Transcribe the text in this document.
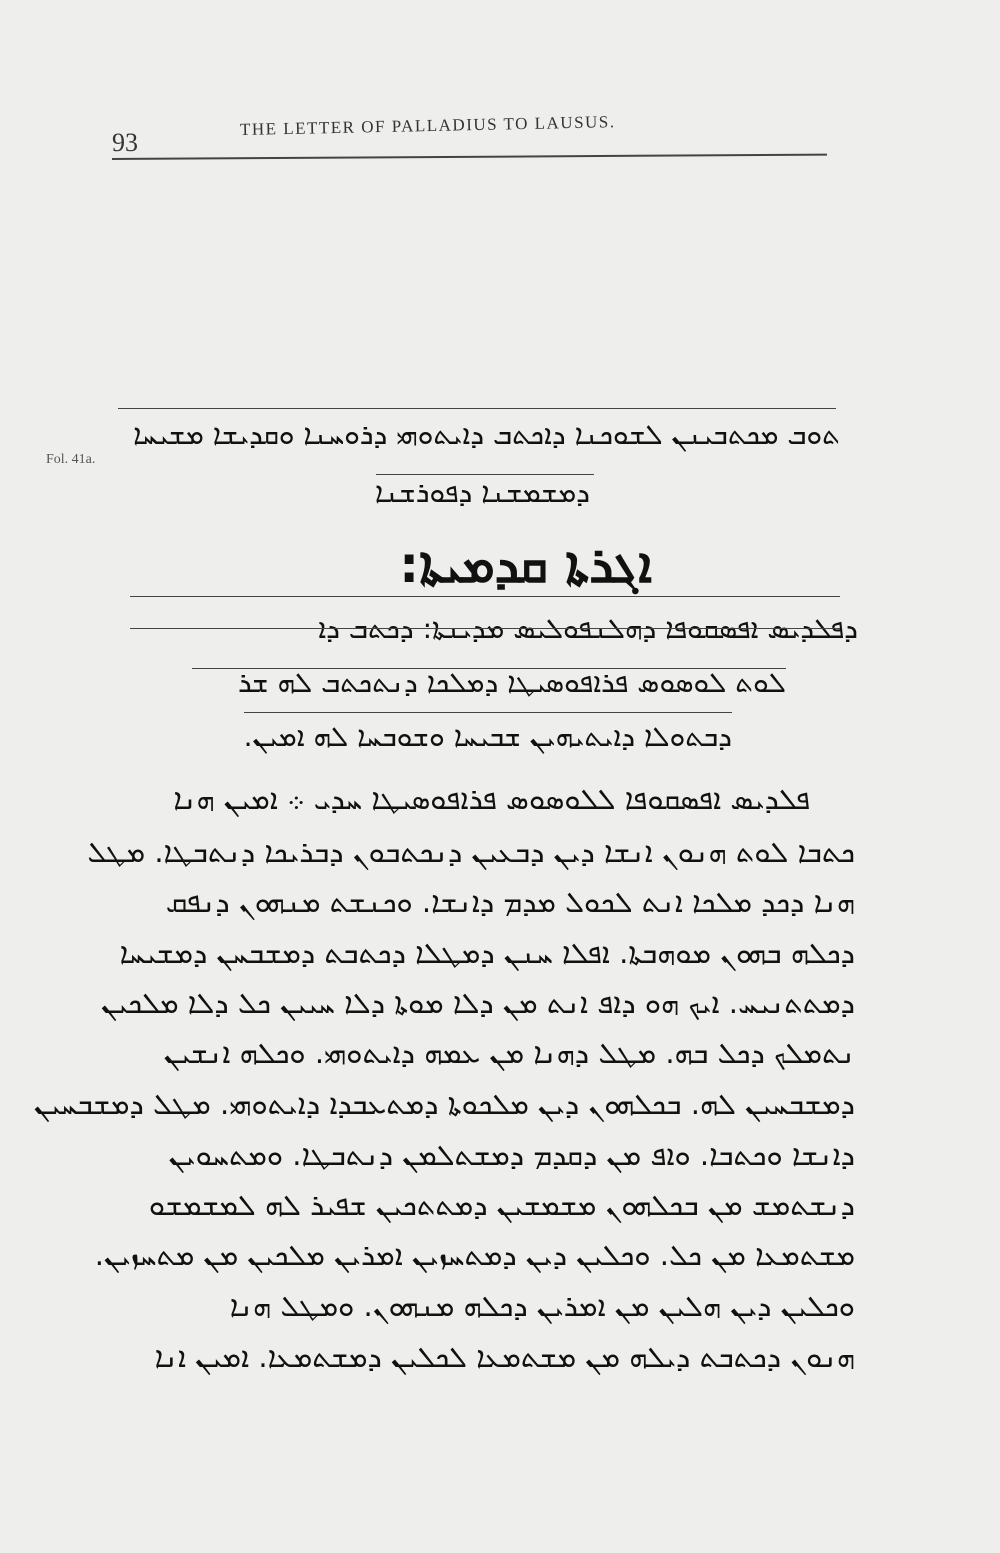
93
THE LETTER OF PALLADIUS TO LAUSUS.
Fol. 41a.
ܬܘܒ ܡܟܬܒܝܢܢ ܠܫܘܟܢܐ ܕܐܟܬܒ ܕܐܝܬܘܗܝ ܕܪܘܚܢܐ ܘܩܕܝܫܐ ܡܫܝܚܐ
ܕܡܫܡܫܢܐ ܕܦܘܪܫܢܐ
ܐܓܪܬܐ ܩܕܡܝܬܐ:
ܕܦܠܕܝܣ ܐܦܣܩܘܦܐ ܕܗܠܢܦܘܠܝܣ ܡܕܝܢܬܐ: ܕܟܬܒ ܕܐ
ܠܘܬ ܠܘܣܘܣ ܦܪܐܦܘܣܝܛܐ ܕܡܠܟܐ ܕܢܬܟܬܒ ܠܗ ܫܪ
ܕܒܬܘܠܐ ܕܐܝܬܝܗܝܢ ܫܒܝܚܐ ܘܫܘܒܚܐ ܠܗ ܐܡܝܢ.
ܦܠܕܝܣ ܐܦܣܩܘܦܐ ܠܠܘܣܘܣ ܦܪܐܦܘܣܝܛܐ ܚܕܝ ܀ ܐܡܝܢ ܗܢܐ
ܟܬܒܐ ܠܘܬ ܗܢܘܢ ܐܢܫܐ ܕܝܢ ܕܒܥܝܢ ܕܢܟܬܒܘܢ ܕܒܪܝܟܐ ܕܢܬܒܛܐ. ܡܛܠ
ܗܢܐ ܕܟܕ ܡܠܟܐ ܐܢܬ ܠܟܘܠ ܡܕܡ ܕܐܢܫܐ. ܘܟܢܫܬ ܡܢܗܘܢ ܕܢܦܩ
ܕܟܠܗ ܒܗܘܢ ܡܘܗܒܬܐ. ܐܦܠܐ ܚܢܢ ܕܡܛܠܐ ܕܟܬܒܬ ܕܡܫܒܚܢ ܕܡܫܝܚܐ
ܕܡܬܬܢܝܚ. ܐܝܟ ܗܘ ܕܐܦ ܐܢܬ ܡܢ ܕܠܐ ܡܘܬܐ ܕܠܐ ܚܝܝܢ ܟܠ ܕܠܐ ܡܠܟܝܢ
ܢܬܡܠܟ ܕܟܠ ܒܗ. ܡܛܠ ܕܗܢܐ ܡܢ ܥܡܗ ܕܐܝܬܘܗܝ. ܘܟܠܗ ܐܢܫܝܢ
ܕܡܫܒܚܝܢ ܠܗ. ܒܟܠܗܘܢ ܕܝܢ ܡܠܟܘܬܐ ܕܡܬܥܒܕܐ ܕܐܝܬܘܗܝ. ܡܛܠ ܕܡܫܒܚܝܢ
ܕܐܢܫܐ ܘܟܬܒܐ. ܘܐܦ ܡܢ ܕܩܕܡ ܕܡܫܬܠܡܢ ܕܢܬܒܛܐ. ܘܡܬܚܘܝܢ
ܕܢܫܬܡܫ ܡܢ ܒܟܠܗܘܢ ܡܫܡܫܝܢ ܕܡܬܬܟܝܢ ܫܦܝܪ ܠܗ ܠܡܫܡܫܘ
ܡܫܬܡܥܐ ܡܢ ܟܠ. ܘܟܠܝܢ ܕܝܢ ܕܡܬܚܙܝܢ ܐܡܪܝܢ ܡܠܟܝܢ ܡܢ ܡܬܚܙܝܢ.
ܘܟܠܝܢ ܕܝܢ ܗܠܝܢ ܡܢ ܐܡܪܝܢ ܕܟܠܗ ܡܢܗܘܢ. ܘܡܛܠ ܗܢܐ
ܗܢܘܢ ܕܟܬܒܬ ܕܝܠܗ ܡܢ ܡܫܬܡܥܐ ܠܟܠܝܢ ܕܡܫܬܡܥܐ. ܐܡܝܢ ܐܢܐ
